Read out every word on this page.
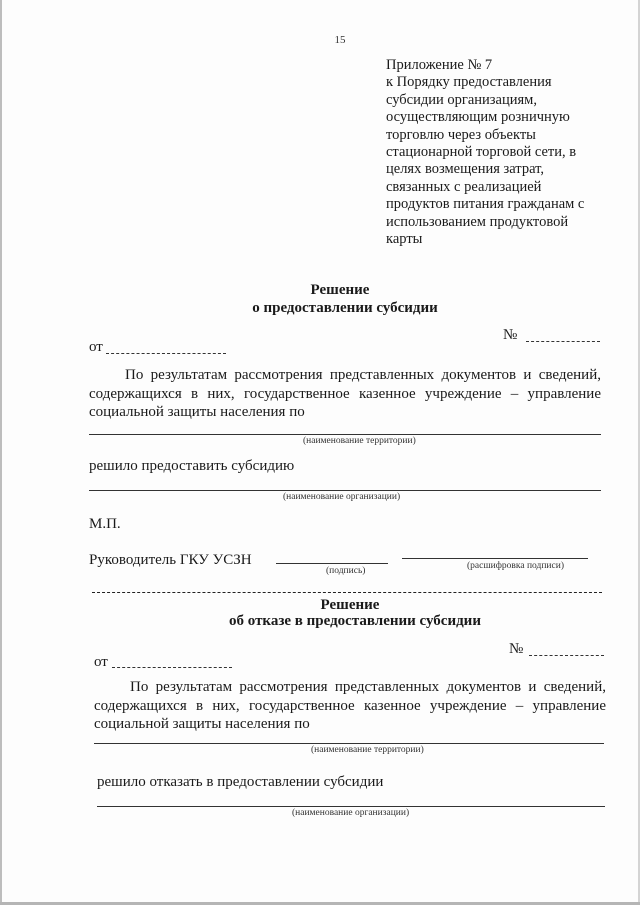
15
Приложение № 7
к Порядку предоставления
субсидии организациям,
осуществляющим розничную
торговлю через объекты
стационарной торговой сети, в
целях возмещения затрат,
связанных с реализацией
продуктов питания гражданам с
использованием продуктовой
карты
Решение
о предоставлении субсидии
№
от
По результатам рассмотрения представленных документов и сведений,
содержащихся в них, государственное казенное учреждение – управление
социальной защиты населения по
(наименование территории)
решило предоставить субсидию
(наименование организации)
М.П.
Руководитель ГКУ УСЗН
(подпись)	(расшифровка подписи)
Решение
об отказе в предоставлении субсидии
№
от
По результатам рассмотрения представленных документов и сведений,
содержащихся в них, государственное казенное учреждение – управление
социальной защиты населения по
(наименование территории)
решило отказать в предоставлении субсидии
(наименование организации)
